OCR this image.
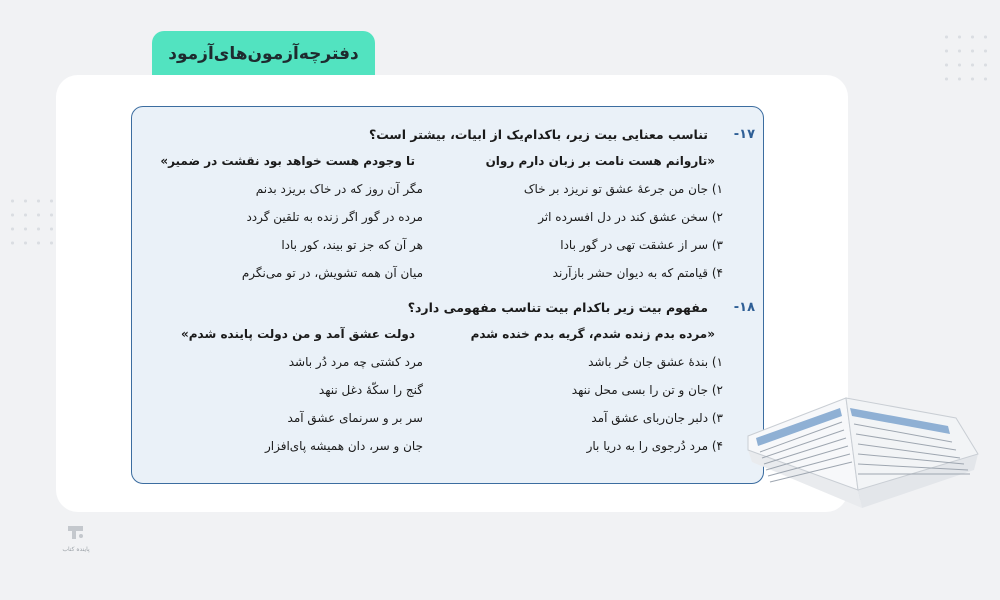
دفترچه‌آزمون‌های‌آزمود
-۱۷
تناسب معنایی بیت زیر، باکدام‌یک از ابیات، بیشتر است؟
«تاروانم هست نامت بر زبان دارم روان
تا وجودم هست خواهد بود نقشت در ضمیر»
۱) جان من جرعهٔ عشق تو نریزد بر خاک
مگر آن روز که در خاک بریزد بدنم
۲) سخن عشق کند در دل افسرده اثر
مرده در گور اگر زنده به تلقین گردد
۳) سر از عشقت تهی در گور بادا
هر آن که جز تو بیند، کور بادا
۴) قیامتم که به دیوان حشر بازآرند
میان آن همه تشویش، در تو می‌نگرم
-۱۸
مفهوم بیت زیر باکدام بیت تناسب مفهومی دارد؟
«مرده بدم زنده شدم، گریه بدم خنده شدم
دولت عشق آمد و من دولت پاینده شدم»
۱) بندهٔ عشق جان حُر باشد
مرد کشتی چه مرد دُر باشد
۲) جان و تن را بسی محل ننهد
گنج را سکّهٔ دغل ننهد
۳) دلبر جان‌ربای عشق آمد
سر بر و سرنمای عشق آمد
۴) مرد دُرجوی را به دریا بار
جان و سر، دان همیشه پای‌افزار
پاینده کتاب
